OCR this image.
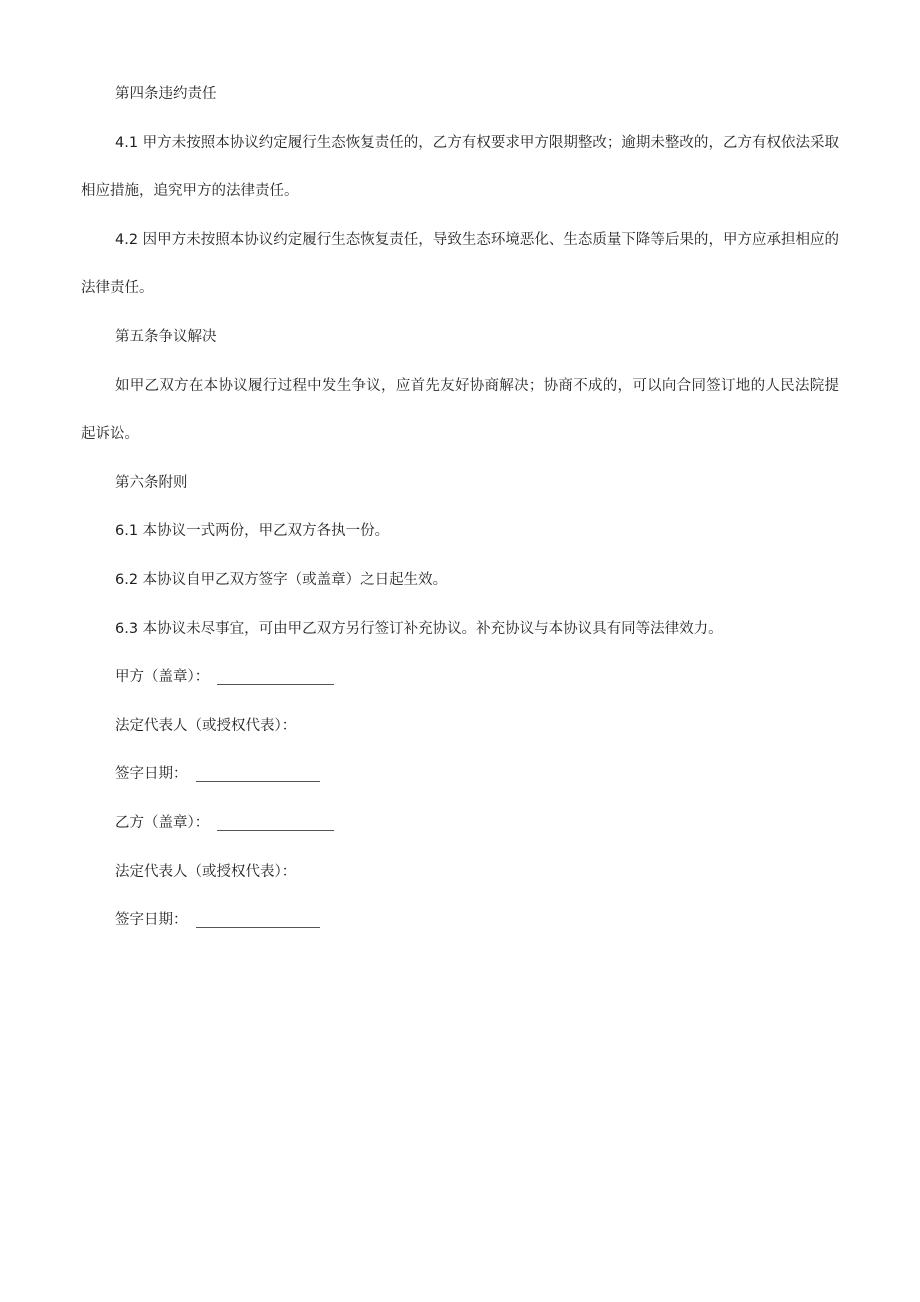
第四条违约责任

4.1 甲方未按照本协议约定履行生态恢复责任的，乙方有权要求甲方限期整改；逾期未整改的，乙方有权依法采取相应措施，追究甲方的法律责任。

4.2 因甲方未按照本协议约定履行生态恢复责任，导致生态环境恶化、生态质量下降等后果的，甲方应承担相应的法律责任。

第五条争议解决

如甲乙双方在本协议履行过程中发生争议，应首先友好协商解决；协商不成的，可以向合同签订地的人民法院提起诉讼。

第六条附则

6.1 本协议一式两份，甲乙双方各执一份。

6.2 本协议自甲乙双方签字（或盖章）之日起生效。

6.3 本协议未尽事宜，可由甲乙双方另行签订补充协议。补充协议与本协议具有同等法律效力。

甲方（盖章）：

法定代表人（或授权代表）：

签字日期：

乙方（盖章）：

法定代表人（或授权代表）：

签字日期：
